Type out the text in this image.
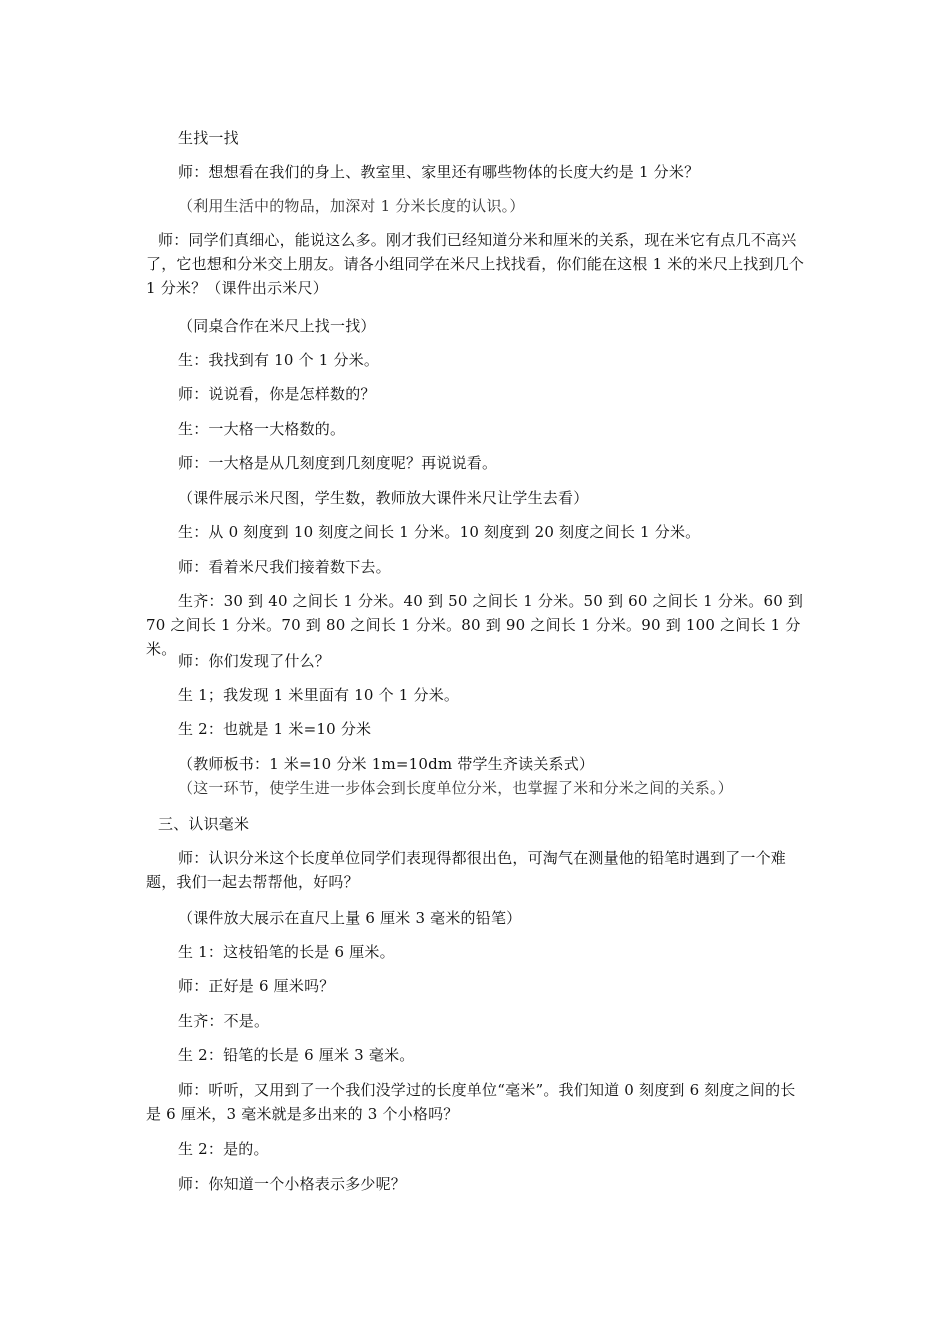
生找一找

师：想想看在我们的身上、教室里、家里还有哪些物体的长度大约是 1 分米？

（利用生活中的物品，加深对 1 分米长度的认识。）

师：同学们真细心，能说这么多。刚才我们已经知道分米和厘米的关系，现在米它有点几不高兴了，它也想和分米交上朋友。请各小组同学在米尺上找找看，你们能在这根 1 米的米尺上找到几个 1 分米？（课件出示米尺）

（同桌合作在米尺上找一找）

生：我找到有 10 个 1 分米。

师：说说看，你是怎样数的？

生：一大格一大格数的。

师：一大格是从几刻度到几刻度呢？再说说看。

（课件展示米尺图，学生数，教师放大课件米尺让学生去看）

生：从 0 刻度到 10 刻度之间长 1 分米。10 刻度到 20 刻度之间长 1 分米。

师：看着米尺我们接着数下去。

生齐：30 到 40 之间长 1 分米。40 到 50 之间长 1 分米。50 到 60 之间长 1 分米。60 到 70 之间长 1 分米。70 到 80 之间长 1 分米。80 到 90 之间长 1 分米。90 到 100 之间长 1 分米。

师：你们发现了什么？

生 1；我发现 1 米里面有 10 个 1 分米。

生 2：也就是 1 米=10 分米

（教师板书：1 米=10 分米 1m=10dm 带学生齐读关系式）

（这一环节，使学生进一步体会到长度单位分米，也掌握了米和分米之间的关系。）

三、认识毫米

师：认识分米这个长度单位同学们表现得都很出色，可淘气在测量他的铅笔时遇到了一个难题，我们一起去帮帮他，好吗？

（课件放大展示在直尺上量 6 厘米 3 毫米的铅笔）

生 1：这枝铅笔的长是 6 厘米。

师：正好是 6 厘米吗？

生齐：不是。

生 2：铅笔的长是 6 厘米 3 毫米。

师：听听，又用到了一个我们没学过的长度单位“毫米”。我们知道 0 刻度到 6 刻度之间的长是 6 厘米，3 毫米就是多出来的 3 个小格吗？

生 2：是的。

师：你知道一个小格表示多少呢？
